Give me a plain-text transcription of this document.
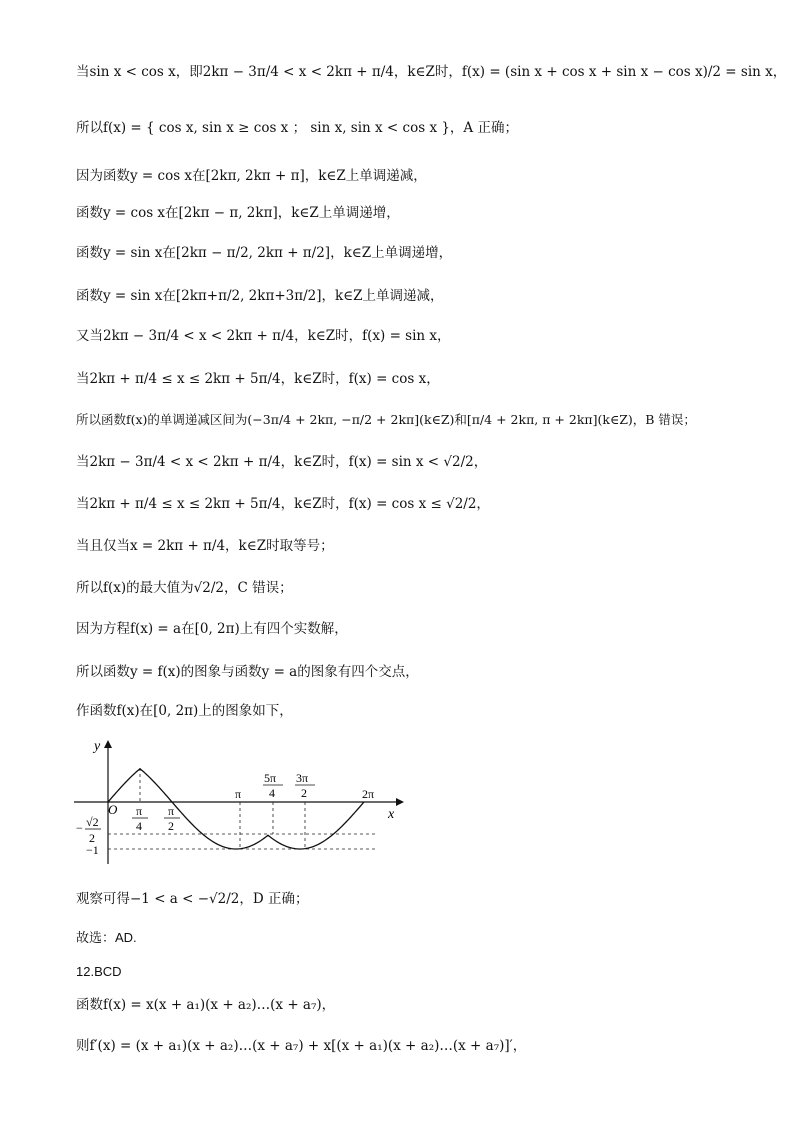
当sin x < cos x，即2kπ − 3π/4 < x < 2kπ + π/4，k∈Z时，f(x) = (sin x + cos x + sin x − cos x)/2 = sin x，
所以f(x) = { cos x, sin x ≥ cos x ； sin x, sin x < cos x }，A 正确；
因为函数y = cos x在[2kπ, 2kπ + π]，k∈Z上单调递减，
函数y = cos x在[2kπ − π, 2kπ]，k∈Z上单调递增，
函数y = sin x在[2kπ − π/2, 2kπ + π/2]，k∈Z上单调递增，
函数y = sin x在[2kπ+π/2, 2kπ+3π/2]，k∈Z上单调递减，
又当2kπ − 3π/4 < x < 2kπ + π/4，k∈Z时，f(x) = sin x，
当2kπ + π/4 ≤ x ≤ 2kπ + 5π/4，k∈Z时，f(x) = cos x，
所以函数f(x)的单调递减区间为(−3π/4 + 2kπ, −π/2 + 2kπ](k∈Z)和[π/4 + 2kπ, π + 2kπ](k∈Z)，B 错误；
当2kπ − 3π/4 < x < 2kπ + π/4，k∈Z时，f(x) = sin x < √2/2，
当2kπ + π/4 ≤ x ≤ 2kπ + 5π/4，k∈Z时，f(x) = cos x ≤ √2/2，
当且仅当x = 2kπ + π/4，k∈Z时取等号；
所以f(x)的最大值为√2/2，C 错误；
因为方程f(x) = a在[0, 2π)上有四个实数解，
所以函数y = f(x)的图象与函数y = a的图象有四个交点，
作函数f(x)在[0, 2π)上的图象如下，
y
x
O π
4
π
2
π
5π
4
3π
2	2π
− √2
2
−1
观察可得−1 < a < −√2/2，D 正确；
故选：AD.
12.BCD
函数f(x) = x(x + a₁)(x + a₂)…(x + a₇)，
则f′(x) = (x + a₁)(x + a₂)…(x + a₇) + x[(x + a₁)(x + a₂)…(x + a₇)]′，
